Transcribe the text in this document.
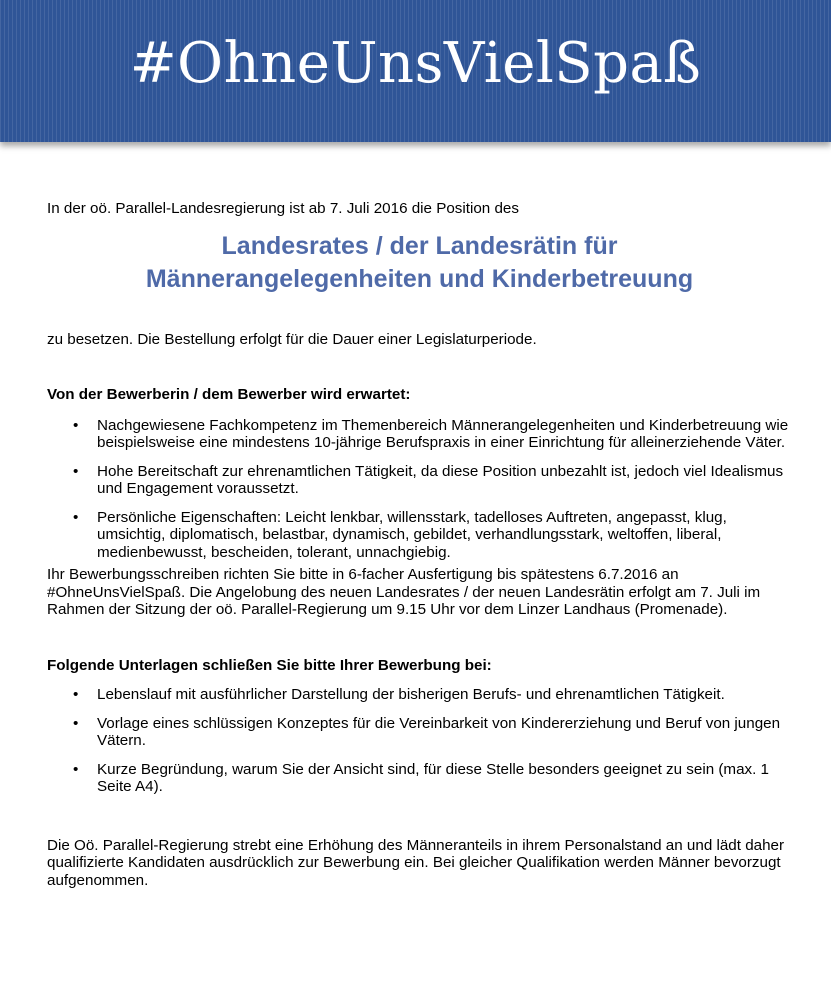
#OhneUnsVielSpaß

In der oö. Parallel-Landesregierung ist ab 7. Juli 2016 die Position des

Landesrates / der Landesrätin für
Männerangelegenheiten und Kinderbetreuung

zu besetzen. Die Bestellung erfolgt für die Dauer einer Legislaturperiode.

Von der Bewerberin / dem Bewerber wird erwartet:

• Nachgewiesene Fachkompetenz im Themenbereich Männerangelegenheiten und Kinderbetreuung wie beispielsweise eine mindestens 10-jährige Berufspraxis in einer Einrichtung für alleinerziehende Väter.
• Hohe Bereitschaft zur ehrenamtlichen Tätigkeit, da diese Position unbezahlt ist, jedoch viel Idealismus und Engagement voraussetzt.
• Persönliche Eigenschaften: Leicht lenkbar, willensstark, tadelloses Auftreten, angepasst, klug, umsichtig, diplomatisch, belastbar, dynamisch, gebildet, verhandlungsstark, weltoffen, liberal, medienbewusst, bescheiden, tolerant, unnachgiebig.

Ihr Bewerbungsschreiben richten Sie bitte in 6-facher Ausfertigung bis spätestens 6.7.2016 an #OhneUnsVielSpaß. Die Angelobung des neuen Landesrates / der neuen Landesrätin erfolgt am 7. Juli im Rahmen der Sitzung der oö. Parallel-Regierung um 9.15 Uhr vor dem Linzer Landhaus (Promenade).

Folgende Unterlagen schließen Sie bitte Ihrer Bewerbung bei:

• Lebenslauf mit ausführlicher Darstellung der bisherigen Berufs- und ehrenamtlichen Tätigkeit.
• Vorlage eines schlüssigen Konzeptes für die Vereinbarkeit von Kindererziehung und Beruf von jungen Vätern.
• Kurze Begründung, warum Sie der Ansicht sind, für diese Stelle besonders geeignet zu sein (max. 1 Seite A4).

Die Oö. Parallel-Regierung strebt eine Erhöhung des Männeranteils in ihrem Personalstand an und lädt daher qualifizierte Kandidaten ausdrücklich zur Bewerbung ein. Bei gleicher Qualifikation werden Männer bevorzugt aufgenommen.
